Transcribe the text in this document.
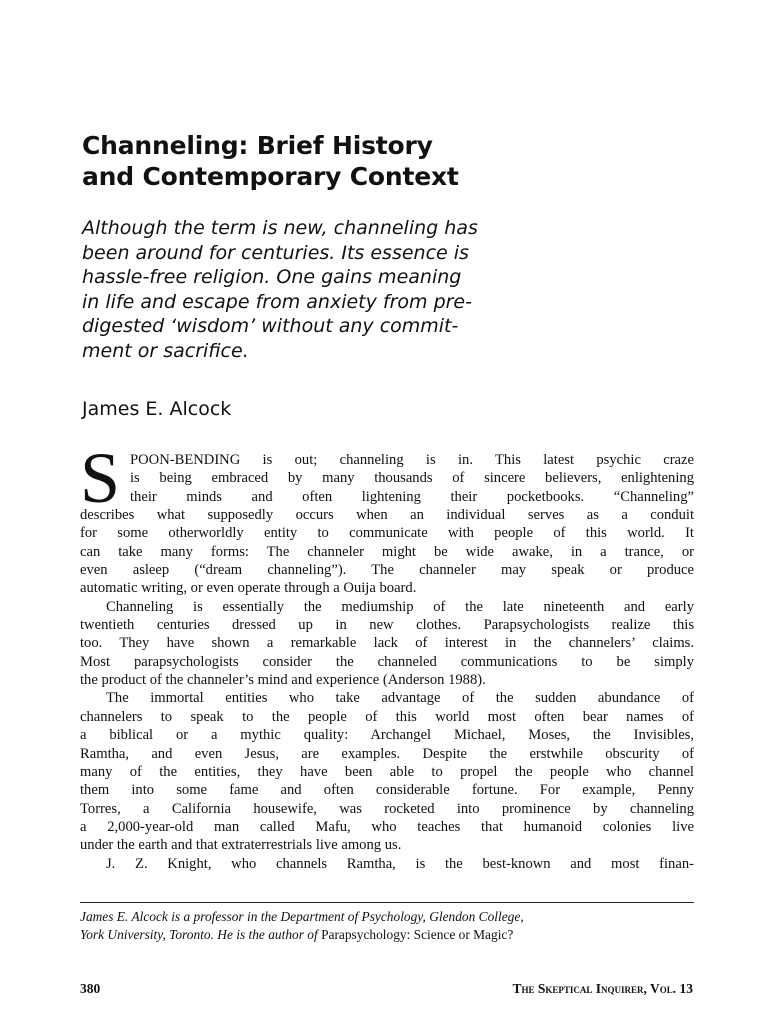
Channeling: Brief History
and Contemporary Context
Although the term is new, channeling has
been around for centuries. Its essence is
hassle-free religion. One gains meaning
in life and escape from anxiety from pre-
digested ‘wisdom’ without any commit-
ment or sacrifice.
James E. Alcock
S POON-BENDING is out; channeling is in. This latest psychic craze
is being embraced by many thousands of sincere believers, enlightening
their minds and often lightening their pocketbooks. “Channeling”
describes what supposedly occurs when an individual serves as a conduit
for some otherworldly entity to communicate with people of this world. It
can take many forms: The channeler might be wide awake, in a trance, or
even asleep (“dream channeling”). The channeler may speak or produce
automatic writing, or even operate through a Ouija board.
Channeling is essentially the mediumship of the late nineteenth and early
twentieth centuries dressed up in new clothes. Parapsychologists realize this
too. They have shown a remarkable lack of interest in the channelers’ claims.
Most parapsychologists consider the channeled communications to be simply
the product of the channeler’s mind and experience (Anderson 1988).
The immortal entities who take advantage of the sudden abundance of
channelers to speak to the people of this world most often bear names of
a biblical or a mythic quality: Archangel Michael, Moses, the Invisibles,
Ramtha, and even Jesus, are examples. Despite the erstwhile obscurity of
many of the entities, they have been able to propel the people who channel
them into some fame and often considerable fortune. For example, Penny
Torres, a California housewife, was rocketed into prominence by channeling
a 2,000-year-old man called Mafu, who teaches that humanoid colonies live
under the earth and that extraterrestrials live among us.
J. Z. Knight, who channels Ramtha, is the best-known and most finan-
James E. Alcock is a professor in the Department of Psychology, Glendon College,
York University, Toronto. He is the author of Parapsychology: Science or Magic?
380	The Skeptical Inquirer, Vol. 13
